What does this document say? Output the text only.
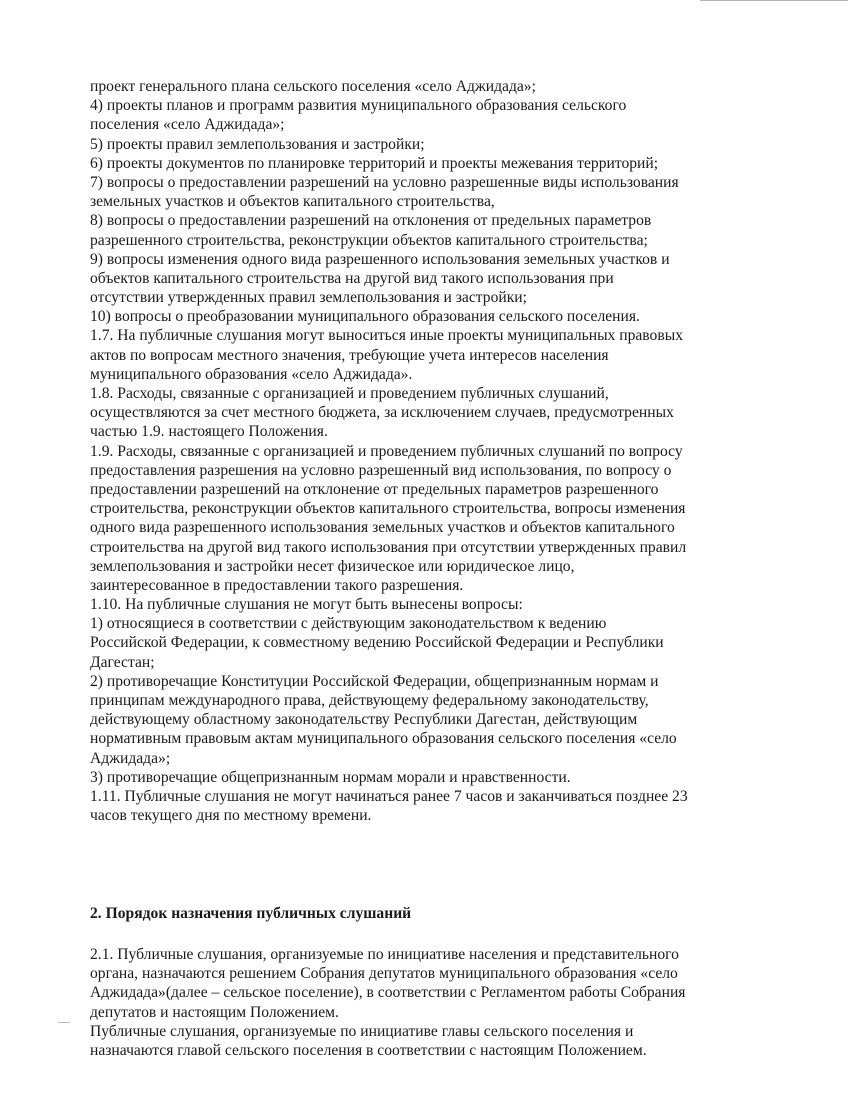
проект генерального плана сельского поселения «село Аджидада»;
4) проекты планов и программ развития муниципального образования сельского
поселения «село Аджидада»;
5) проекты правил землепользования и застройки;
6) проекты документов по планировке территорий и проекты межевания территорий;
7) вопросы о предоставлении разрешений на условно разрешенные виды использования
земельных участков и объектов капитального строительства,
8) вопросы о предоставлении разрешений на отклонения от предельных параметров
разрешенного строительства, реконструкции объектов капитального строительства;
9) вопросы изменения одного вида разрешенного использования земельных участков и
объектов капитального строительства на другой вид такого использования при
отсутствии утвержденных правил землепользования и застройки;
10) вопросы о преобразовании муниципального образования сельского поселения.
1.7. На публичные слушания могут выноситься иные проекты муниципальных правовых
актов по вопросам местного значения, требующие учета интересов населения
муниципального образования «село Аджидада».
1.8. Расходы, связанные с организацией и проведением публичных слушаний,
осуществляются за счет местного бюджета, за исключением случаев, предусмотренных
частью 1.9. настоящего Положения.
1.9. Расходы, связанные с организацией и проведением публичных слушаний по вопросу
предоставления разрешения на условно разрешенный вид использования, по вопросу о
предоставлении разрешений на отклонение от предельных параметров разрешенного
строительства, реконструкции объектов капитального строительства, вопросы изменения
одного вида разрешенного использования земельных участков и объектов капитального
строительства на другой вид такого использования при отсутствии утвержденных правил
землепользования и застройки несет физическое или юридическое лицо,
заинтересованное в предоставлении такого разрешения.
1.10. На публичные слушания не могут быть вынесены вопросы:
1) относящиеся в соответствии с действующим законодательством к ведению
Российской Федерации, к совместному ведению Российской Федерации и Республики
Дагестан;
2) противоречащие Конституции Российской Федерации, общепризнанным нормам и
принципам международного права, действующему федеральному законодательству,
действующему областному законодательству Республики Дагестан, действующим
нормативным правовым актам муниципального образования сельского поселения «село
Аджидада»;
3) противоречащие общепризнанным нормам морали и нравственности.
1.11. Публичные слушания не могут начинаться ранее 7 часов и заканчиваться позднее 23
часов текущего дня по местному времени.
2. Порядок назначения публичных слушаний
2.1. Публичные слушания, организуемые по инициативе населения и представительного
органа, назначаются решением Собрания депутатов муниципального образования «село
Аджидада»(далее – сельское поселение), в соответствии с Регламентом работы Собрания
депутатов и настоящим Положением.
Публичные слушания, организуемые по инициативе главы сельского поселения и
назначаются главой сельского поселения в соответствии с настоящим Положением.
